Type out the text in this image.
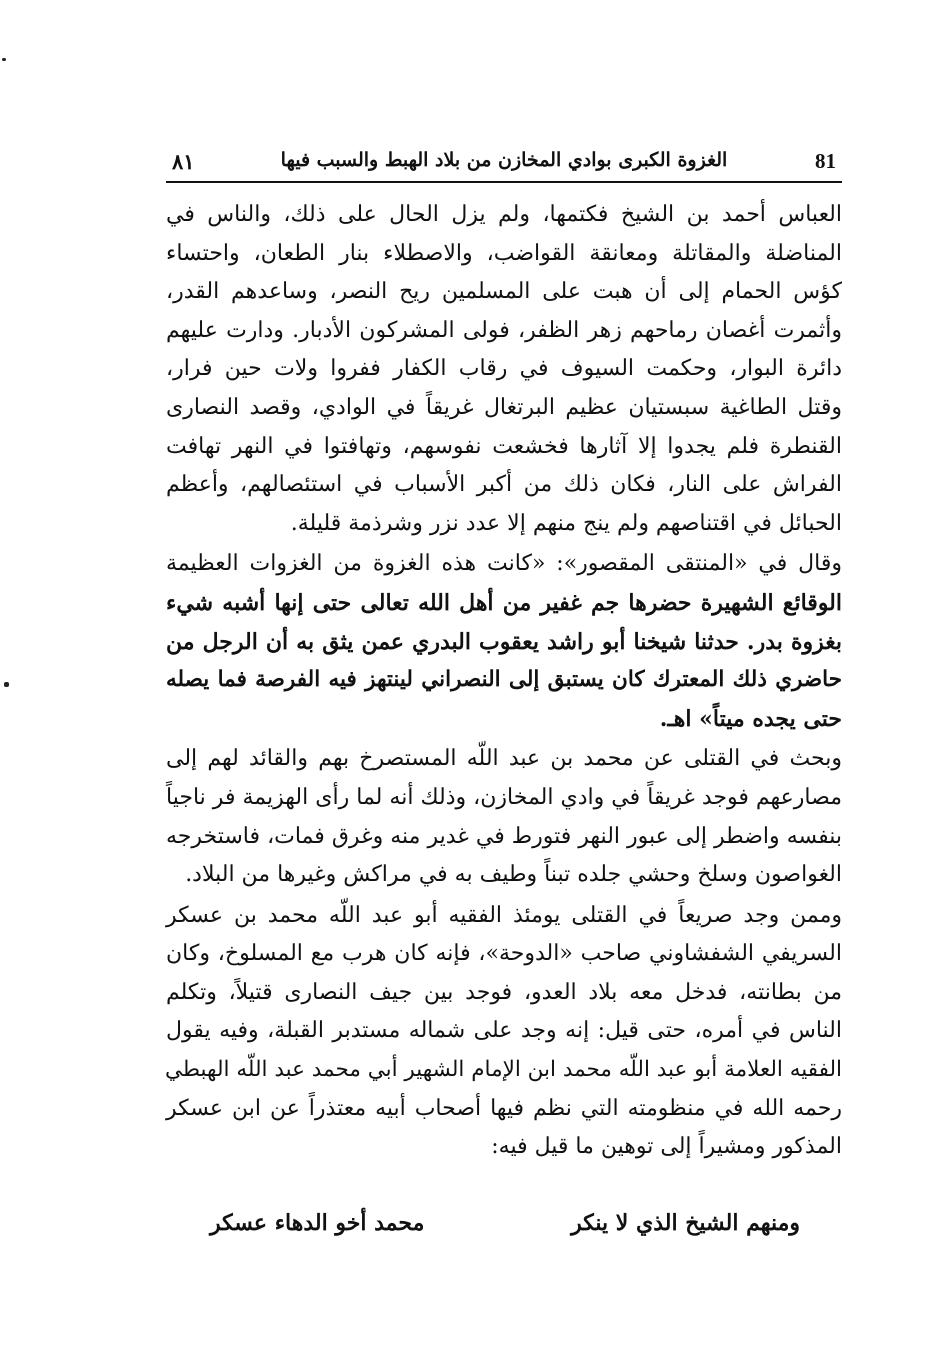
٨١	الغزوة الكبرى بوادي المخازن من بلاد الهبط والسبب فيها	81
العباس أحمد بن الشيخ فكتمها، ولم يزل الحال على ذلك، والناس في
المناضلة والمقاتلة ومعانقة القواضب، والاصطلاء بنار الطعان، واحتساء
كؤس الحمام إلى أن هبت على المسلمين ريح النصر، وساعدهم القدر،
وأثمرت أغصان رماحهم زهر الظفر، فولى المشركون الأدبار. ودارت عليهم
دائرة البوار، وحكمت السيوف في رقاب الكفار ففروا ولات حين فرار،
وقتل الطاغية سبستيان عظيم البرتغال غريقاً في الوادي، وقصد النصارى
القنطرة فلم يجدوا إلا آثارها فخشعت نفوسهم، وتهافتوا في النهر تهافت
الفراش على النار، فكان ذلك من أكبر الأسباب في استئصالهم، وأعظم
الحبائل في اقتناصهم ولم ينج منهم إلا عدد نزر وشرذمة قليلة.
وقال في «المنتقى المقصور»: «كانت هذه الغزوة من الغزوات العظيمة
الوقائع الشهيرة حضرها جم غفير من أهل الله تعالى حتى إنها أشبه شيء
بغزوة بدر. حدثنا شيخنا أبو راشد يعقوب البدري عمن يثق به أن الرجل من
حاضري ذلك المعترك كان يستبق إلى النصراني لينتهز فيه الفرصة فما يصله
حتى يجده ميتاً» اهـ.
وبحث في القتلى عن محمد بن عبد اللّه المستصرخ بهم والقائد لهم إلى
مصارعهم فوجد غريقاً في وادي المخازن، وذلك أنه لما رأى الهزيمة فر ناجياً
بنفسه واضطر إلى عبور النهر فتورط في غدير منه وغرق فمات، فاستخرجه
الغواصون وسلخ وحشي جلده تبناً وطيف به في مراكش وغيرها من البلاد.
وممن وجد صريعاً في القتلى يومئذ الفقيه أبو عبد اللّه محمد بن عسكر
السريفي الشفشاوني صاحب «الدوحة»، فإنه كان هرب مع المسلوخ، وكان
من بطانته، فدخل معه بلاد العدو، فوجد بين جيف النصارى قتيلاً، وتكلم
الناس في أمره، حتى قيل: إنه وجد على شماله مستدبر القبلة، وفيه يقول
الفقيه العلامة أبو عبد اللّه محمد ابن الإمام الشهير أبي محمد عبد اللّه الهبطي
رحمه الله في منظومته التي نظم فيها أصحاب أبيه معتذراً عن ابن عسكر
المذكور ومشيراً إلى توهين ما قيل فيه:
ومنهم الشيخ الذي لا ينكر
محمد أخو الدهاء عسكر
